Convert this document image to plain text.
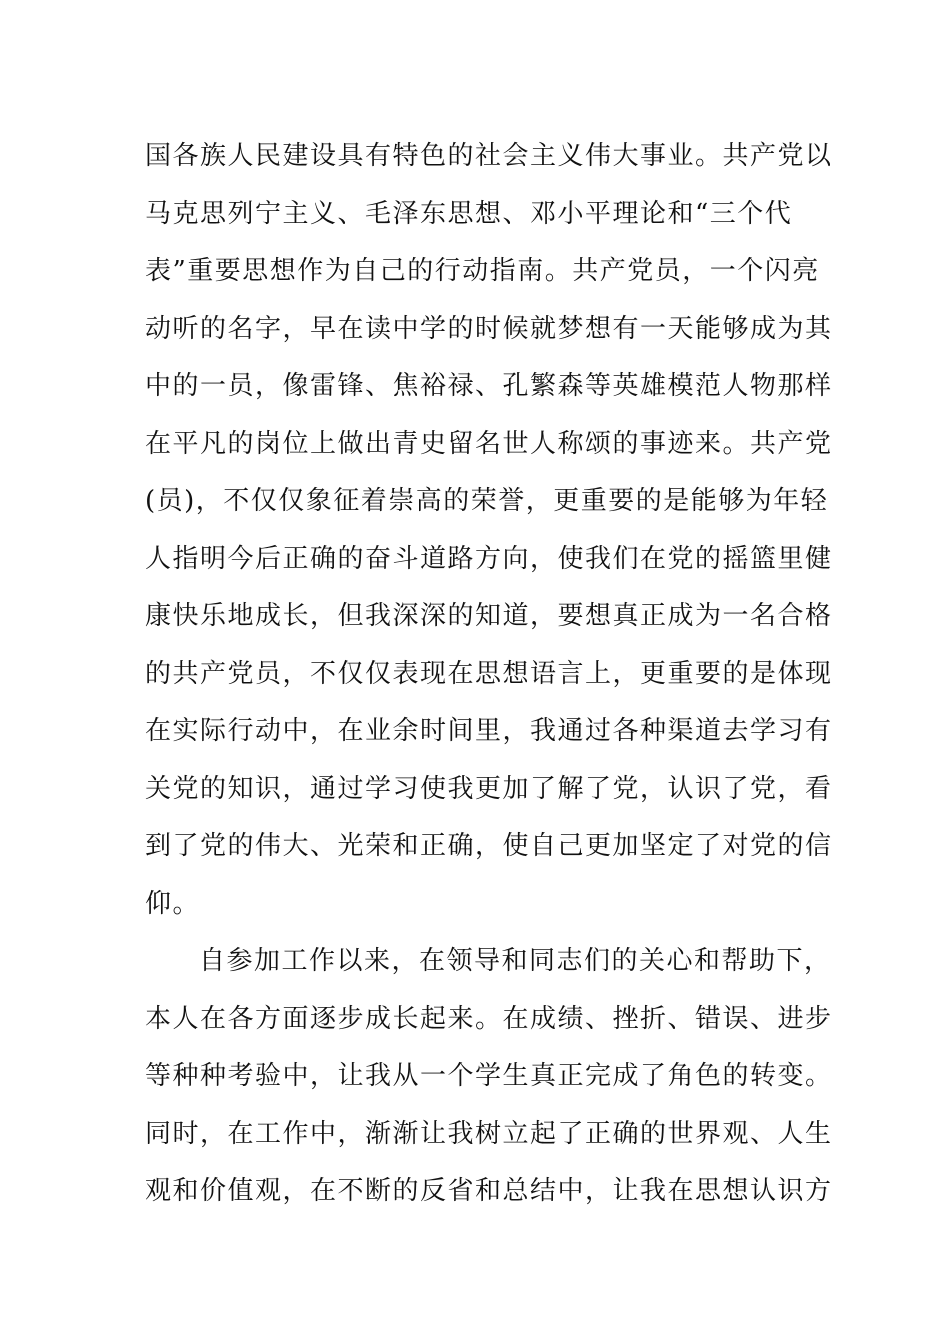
国各族人民建设具有特色的社会主义伟大事业。共产党以
马克思列宁主义、毛泽东思想、邓小平理论和“三个代
表”重要思想作为自己的行动指南。共产党员，一个闪亮
动听的名字，早在读中学的时候就梦想有一天能够成为其
中的一员，像雷锋、焦裕禄、孔繁森等英雄模范人物那样
在平凡的岗位上做出青史留名世人称颂的事迹来。共产党
(员)，不仅仅象征着崇高的荣誉，更重要的是能够为年轻
人指明今后正确的奋斗道路方向，使我们在党的摇篮里健
康快乐地成长，但我深深的知道，要想真正成为一名合格
的共产党员，不仅仅表现在思想语言上，更重要的是体现
在实际行动中，在业余时间里，我通过各种渠道去学习有
关党的知识，通过学习使我更加了解了党，认识了党，看
到了党的伟大、光荣和正确，使自己更加坚定了对党的信
仰。
自参加工作以来，在领导和同志们的关心和帮助下，
本人在各方面逐步成长起来。在成绩、挫折、错误、进步
等种种考验中，让我从一个学生真正完成了角色的转变。
同时，在工作中，渐渐让我树立起了正确的世界观、人生
观和价值观，在不断的反省和总结中，让我在思想认识方
